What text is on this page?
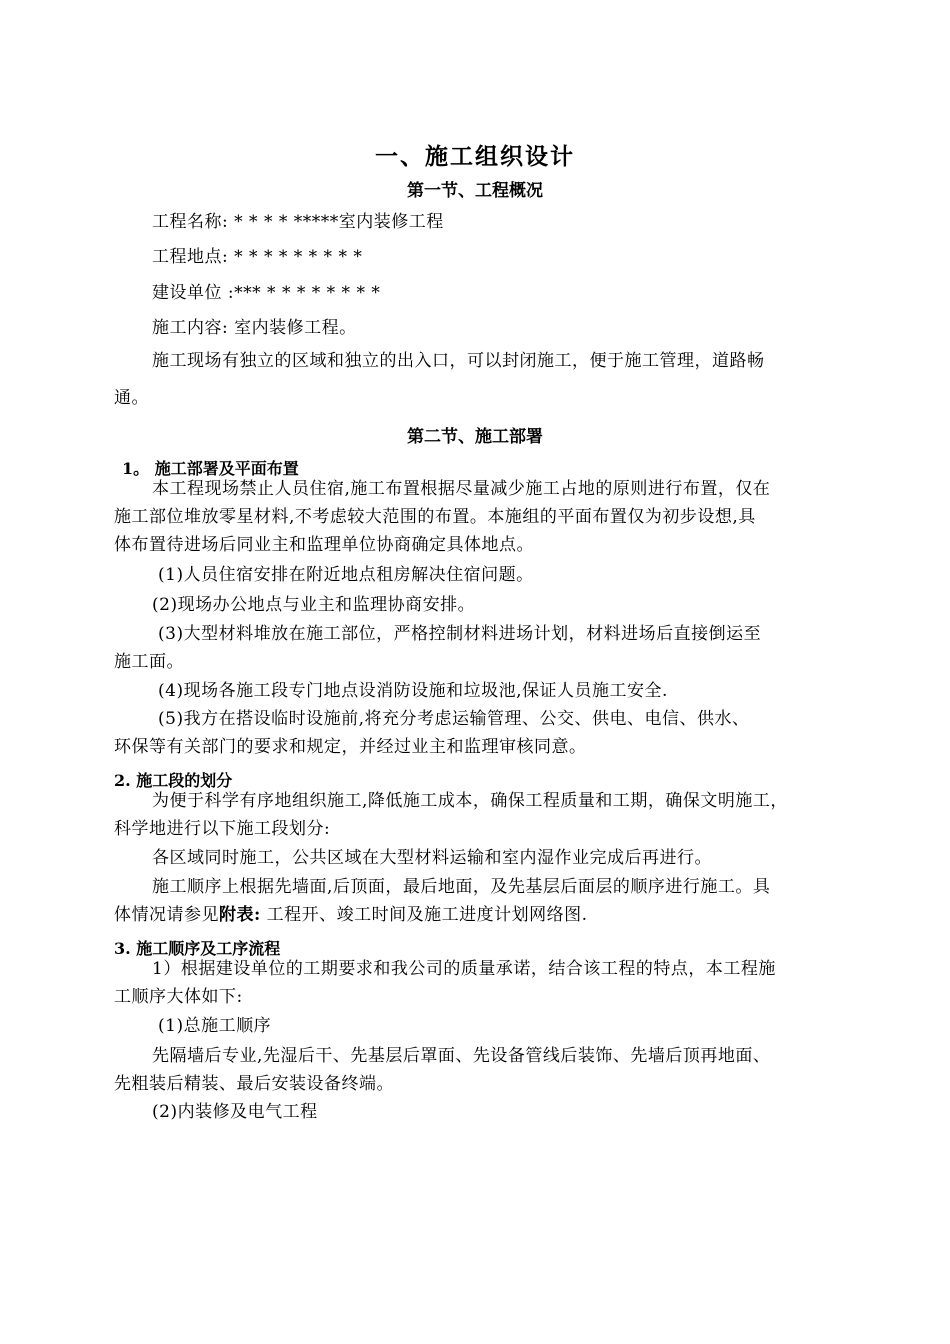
一、施工组织设计
第一节、工程概况
工程名称: * * * * *****室内装修工程
工程地点: * * * * * * * * *
建设单位 :*** * * * * * * * *
施工内容: 室内装修工程。
施工现场有独立的区域和独立的出入口，可以封闭施工，便于施工管理，道路畅
通。
第二节、施工部署
1。 施工部署及平面布置
本工程现场禁止人员住宿,施工布置根据尽量减少施工占地的原则进行布置，仅在
施工部位堆放零星材料,不考虑较大范围的布置。本施组的平面布置仅为初步设想,具
体布置待进场后同业主和监理单位协商确定具体地点。
(1)人员住宿安排在附近地点租房解决住宿问题。
(2)现场办公地点与业主和监理协商安排。
(3)大型材料堆放在施工部位，严格控制材料进场计划，材料进场后直接倒运至
施工面。
(4)现场各施工段专门地点设消防设施和垃圾池,保证人员施工安全.
(5)我方在搭设临时设施前,将充分考虑运输管理、公交、供电、电信、供水、
环保等有关部门的要求和规定，并经过业主和监理审核同意。
2. 施工段的划分
为便于科学有序地组织施工,降低施工成本，确保工程质量和工期，确保文明施工，
科学地进行以下施工段划分:
各区域同时施工，公共区域在大型材料运输和室内湿作业完成后再进行。
施工顺序上根据先墙面,后顶面，最后地面，及先基层后面层的顺序进行施工。具
体情况请参见附表: 工程开、竣工时间及施工进度计划网络图.
3. 施工顺序及工序流程
1）根据建设单位的工期要求和我公司的质量承诺，结合该工程的特点，本工程施
工顺序大体如下:
(1)总施工顺序
先隔墙后专业,先湿后干、先基层后罩面、先设备管线后装饰、先墙后顶再地面、
先粗装后精装、最后安装设备终端。
(2)内装修及电气工程
